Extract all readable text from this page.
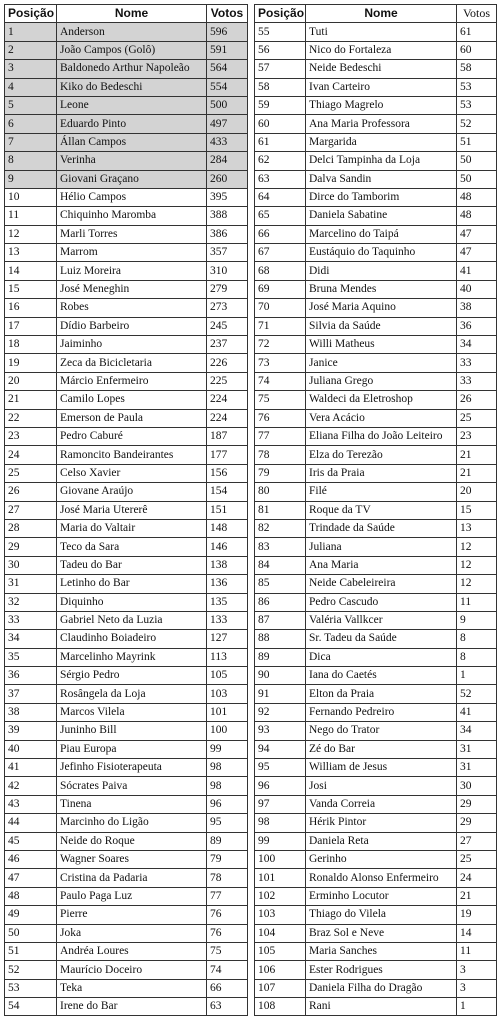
Posição	Nome	Votos
1	Anderson	596
2	João Campos (Golô)	591
3	Baldonedo Arthur Napoleão	564
4	Kiko do Bedeschi	554
5	Leone	500
6	Eduardo Pinto	497
7	Állan Campos	433
8	Verinha	284
9	Giovani Graçano	260
10	Hélio Campos	395
11	Chiquinho Maromba	388
12	Marli Torres	386
13	Marrom	357
14	Luiz Moreira	310
15	José Meneghin	279
16	Robes	273
17	Dídio Barbeiro	245
18	Jaiminho	237
19	Zeca da Bicicletaria	226
20	Márcio Enfermeiro	225
21	Camilo Lopes	224
22	Emerson de Paula	224
23	Pedro Caburé	187
24	Ramoncito Bandeirantes	177
25	Celso Xavier	156
26	Giovane Araújo	154
27	José Maria Utererê	151
28	Maria do Valtair	148
29	Teco da Sara	146
30	Tadeu do Bar	138
31	Letinho do Bar	136
32	Diquinho	135
33	Gabriel Neto da Luzia	133
34	Claudinho Boiadeiro	127
35	Marcelinho Mayrink	113
36	Sérgio Pedro	105
37	Rosângela da Loja	103
38	Marcos Vilela	101
39	Juninho Bill	100
40	Piau Europa	99
41	Jefinho Fisioterapeuta	98
42	Sócrates Paiva	98
43	Tinena	96
44	Marcinho do Ligão	95
45	Neide do Roque	89
46	Wagner Soares	79
47	Cristina da Padaria	78
48	Paulo Paga Luz	77
49	Pierre	76
50	Joka	76
51	Andréa Loures	75
52	Maurício Doceiro	74
53	Teka	66
54	Irene do Bar	63
Posição	Nome	Votos
55	Tuti	61
56	Nico do Fortaleza	60
57	Neide Bedeschi	58
58	Ivan Carteiro	53
59	Thiago Magrelo	53
60	Ana Maria Professora	52
61	Margarida	51
62	Delci Tampinha da Loja	50
63	Dalva Sandin	50
64	Dirce do Tamborim	48
65	Daniela Sabatine	48
66	Marcelino do Taipá	47
67	Eustáquio do Taquinho	47
68	Didi	41
69	Bruna Mendes	40
70	José Maria Aquino	38
71	Silvia da Saúde	36
72	Willi Matheus	34
73	Janice	33
74	Juliana Grego	33
75	Waldeci da Eletroshop	26
76	Vera Acácio	25
77	Eliana Filha do João Leiteiro	23
78	Elza do Terezão	21
79	Iris da Praia	21
80	Filé	20
81	Roque da TV	15
82	Trindade da Saúde	13
83	Juliana	12
84	Ana Maria	12
85	Neide Cabeleireira	12
86	Pedro Cascudo	11
87	Valéria Vallkcer	9
88	Sr. Tadeu da Saúde	8
89	Dica	8
90	Iana do Caetés	1
91	Elton da Praia	52
92	Fernando Pedreiro	41
93	Nego do Trator	34
94	Zé do Bar	31
95	William de Jesus	31
96	Josi	30
97	Vanda Correia	29
98	Hérik Pintor	29
99	Daniela Reta	27
100	Gerinho	25
101	Ronaldo Alonso Enfermeiro	24
102	Erminho Locutor	21
103	Thiago do Vilela	19
104	Braz Sol e Neve	14
105	Maria Sanches	11
106	Ester Rodrigues	3
107	Daniela Filha do Dragão	3
108	Rani	1
